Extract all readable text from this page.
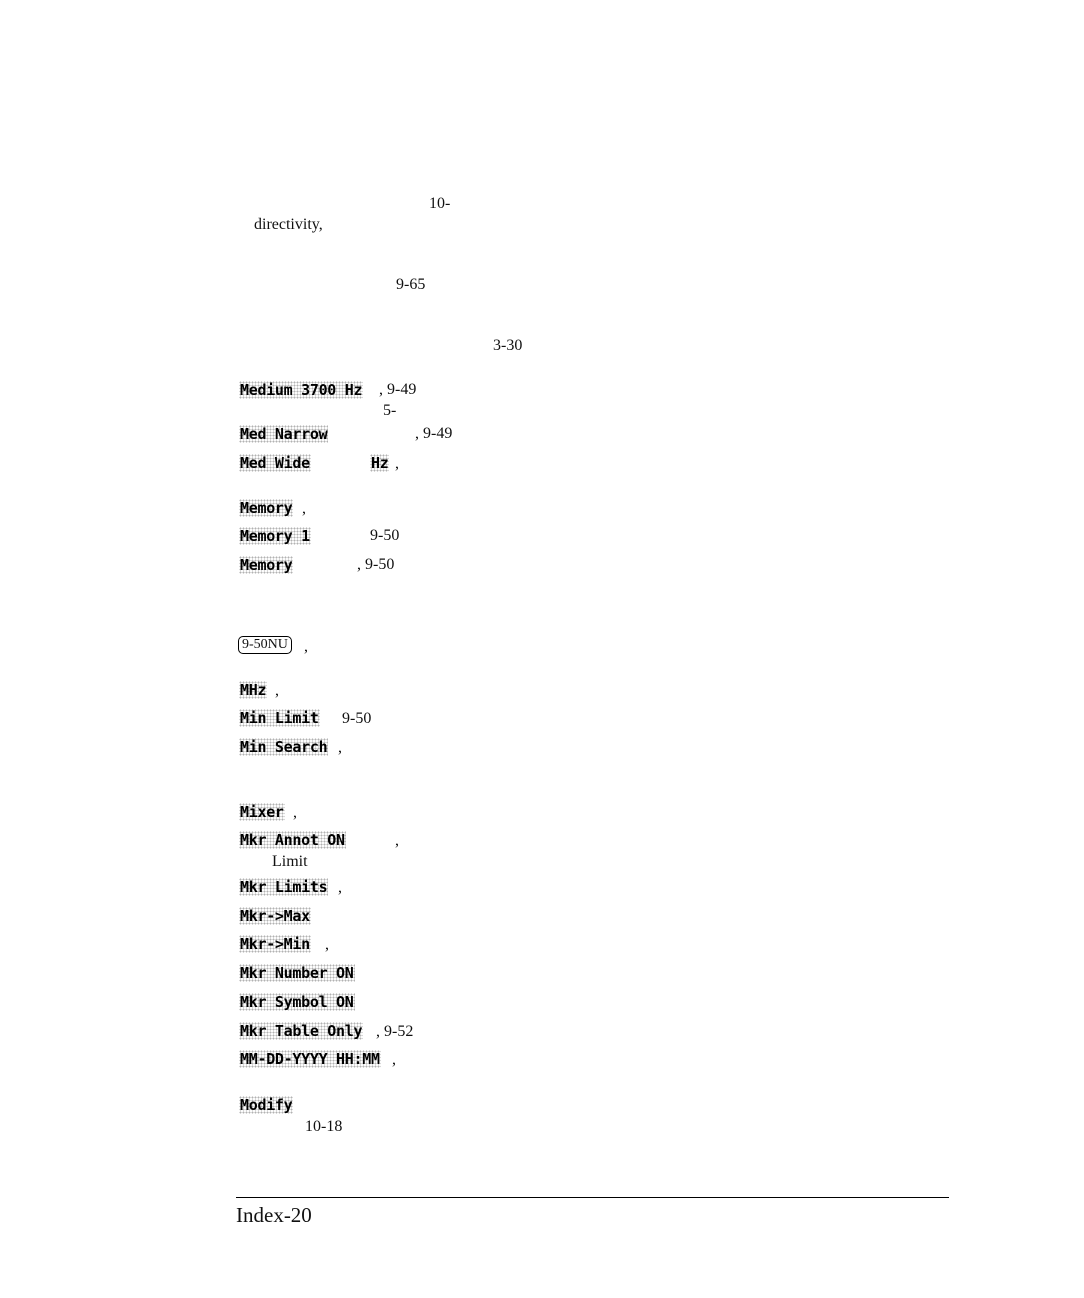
10-
directivity,
9-65
3-30
Medium 3700 Hz , 9-49
5-
Med Narrow	, 9-49
Med Wide	Hz ,
Memory ,
Memory 1	9-50
Memory	, 9-50
9-50NU ,
MHz ,
Min Limit 9-50
Min Search ,
Mixer ,
Mkr Annot ON	,
Limit
Mkr Limits ,
Mkr->Max
Mkr->Min ,
Mkr Number ON
Mkr Symbol ON
Mkr Table Only , 9-52
MM-DD-YYYY HH:MM ,
Modify
10-18
Index-20
